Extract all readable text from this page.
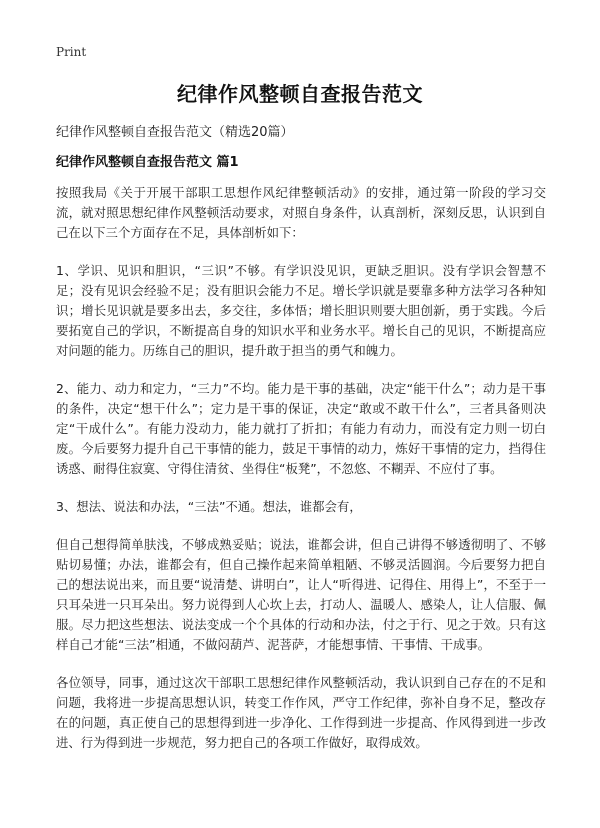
Print
纪律作风整顿自查报告范文
纪律作风整顿自查报告范文（精选20篇）
纪律作风整顿自查报告范文 篇1

按照我局《关于开展干部职工思想作风纪律整顿活动》的安排，通过第一阶段的学习交流，就对照思想纪律作风整顿活动要求，对照自身条件，认真剖析，深刻反思，认识到自己在以下三个方面存在不足，具体剖析如下：

1、学识、见识和胆识，“三识”不够。有学识没见识，更缺乏胆识。没有学识会智慧不足；没有见识会经验不足；没有胆识会能力不足。增长学识就是要靠多种方法学习各种知识；增长见识就是要多出去，多交往，多体悟；增长胆识则要大胆创新，勇于实践。今后要拓宽自己的学识，不断提高自身的知识水平和业务水平。增长自己的见识，不断提高应对问题的能力。历练自己的胆识，提升敢于担当的勇气和魄力。

2、能力、动力和定力，“三力”不均。能力是干事的基础，决定“能干什么”；动力是干事的条件，决定“想干什么”；定力是干事的保证，决定“敢或不敢干什么”，三者具备则决定“干成什么”。有能力没动力，能力就打了折扣；有能力有动力，而没有定力则一切白废。今后要努力提升自己干事情的能力，鼓足干事情的动力，炼好干事情的定力，挡得住诱惑、耐得住寂寞、守得住清贫、坐得住“板凳”，不忽悠、不糊弄、不应付了事。

3、想法、说法和办法，“三法”不通。想法，谁都会有，

但自己想得简单肤浅，不够成熟妥贴；说法，谁都会讲，但自己讲得不够透彻明了、不够贴切易懂；办法，谁都会有，但自己操作起来简单粗陋、不够灵活圆润。今后要努力把自己的想法说出来，而且要“说清楚、讲明白”，让人“听得进、记得住、用得上”，不至于一只耳朵进一只耳朵出。努力说得到人心坎上去，打动人、温暖人、感染人，让人信服、佩服。尽力把这些想法、说法变成一个个具体的行动和办法，付之于行、见之于效。只有这样自己才能“三法”相通，不做闷葫芦、泥菩萨，才能想事情、干事情、干成事。

各位领导，同事，通过这次干部职工思想纪律作风整顿活动，我认识到自己存在的不足和问题，我将进一步提高思想认识，转变工作作风，严守工作纪律，弥补自身不足，整改存在的问题，真正使自己的思想得到进一步净化、工作得到进一步提高、作风得到进一步改进、行为得到进一步规范，努力把自己的各项工作做好，取得成效。
